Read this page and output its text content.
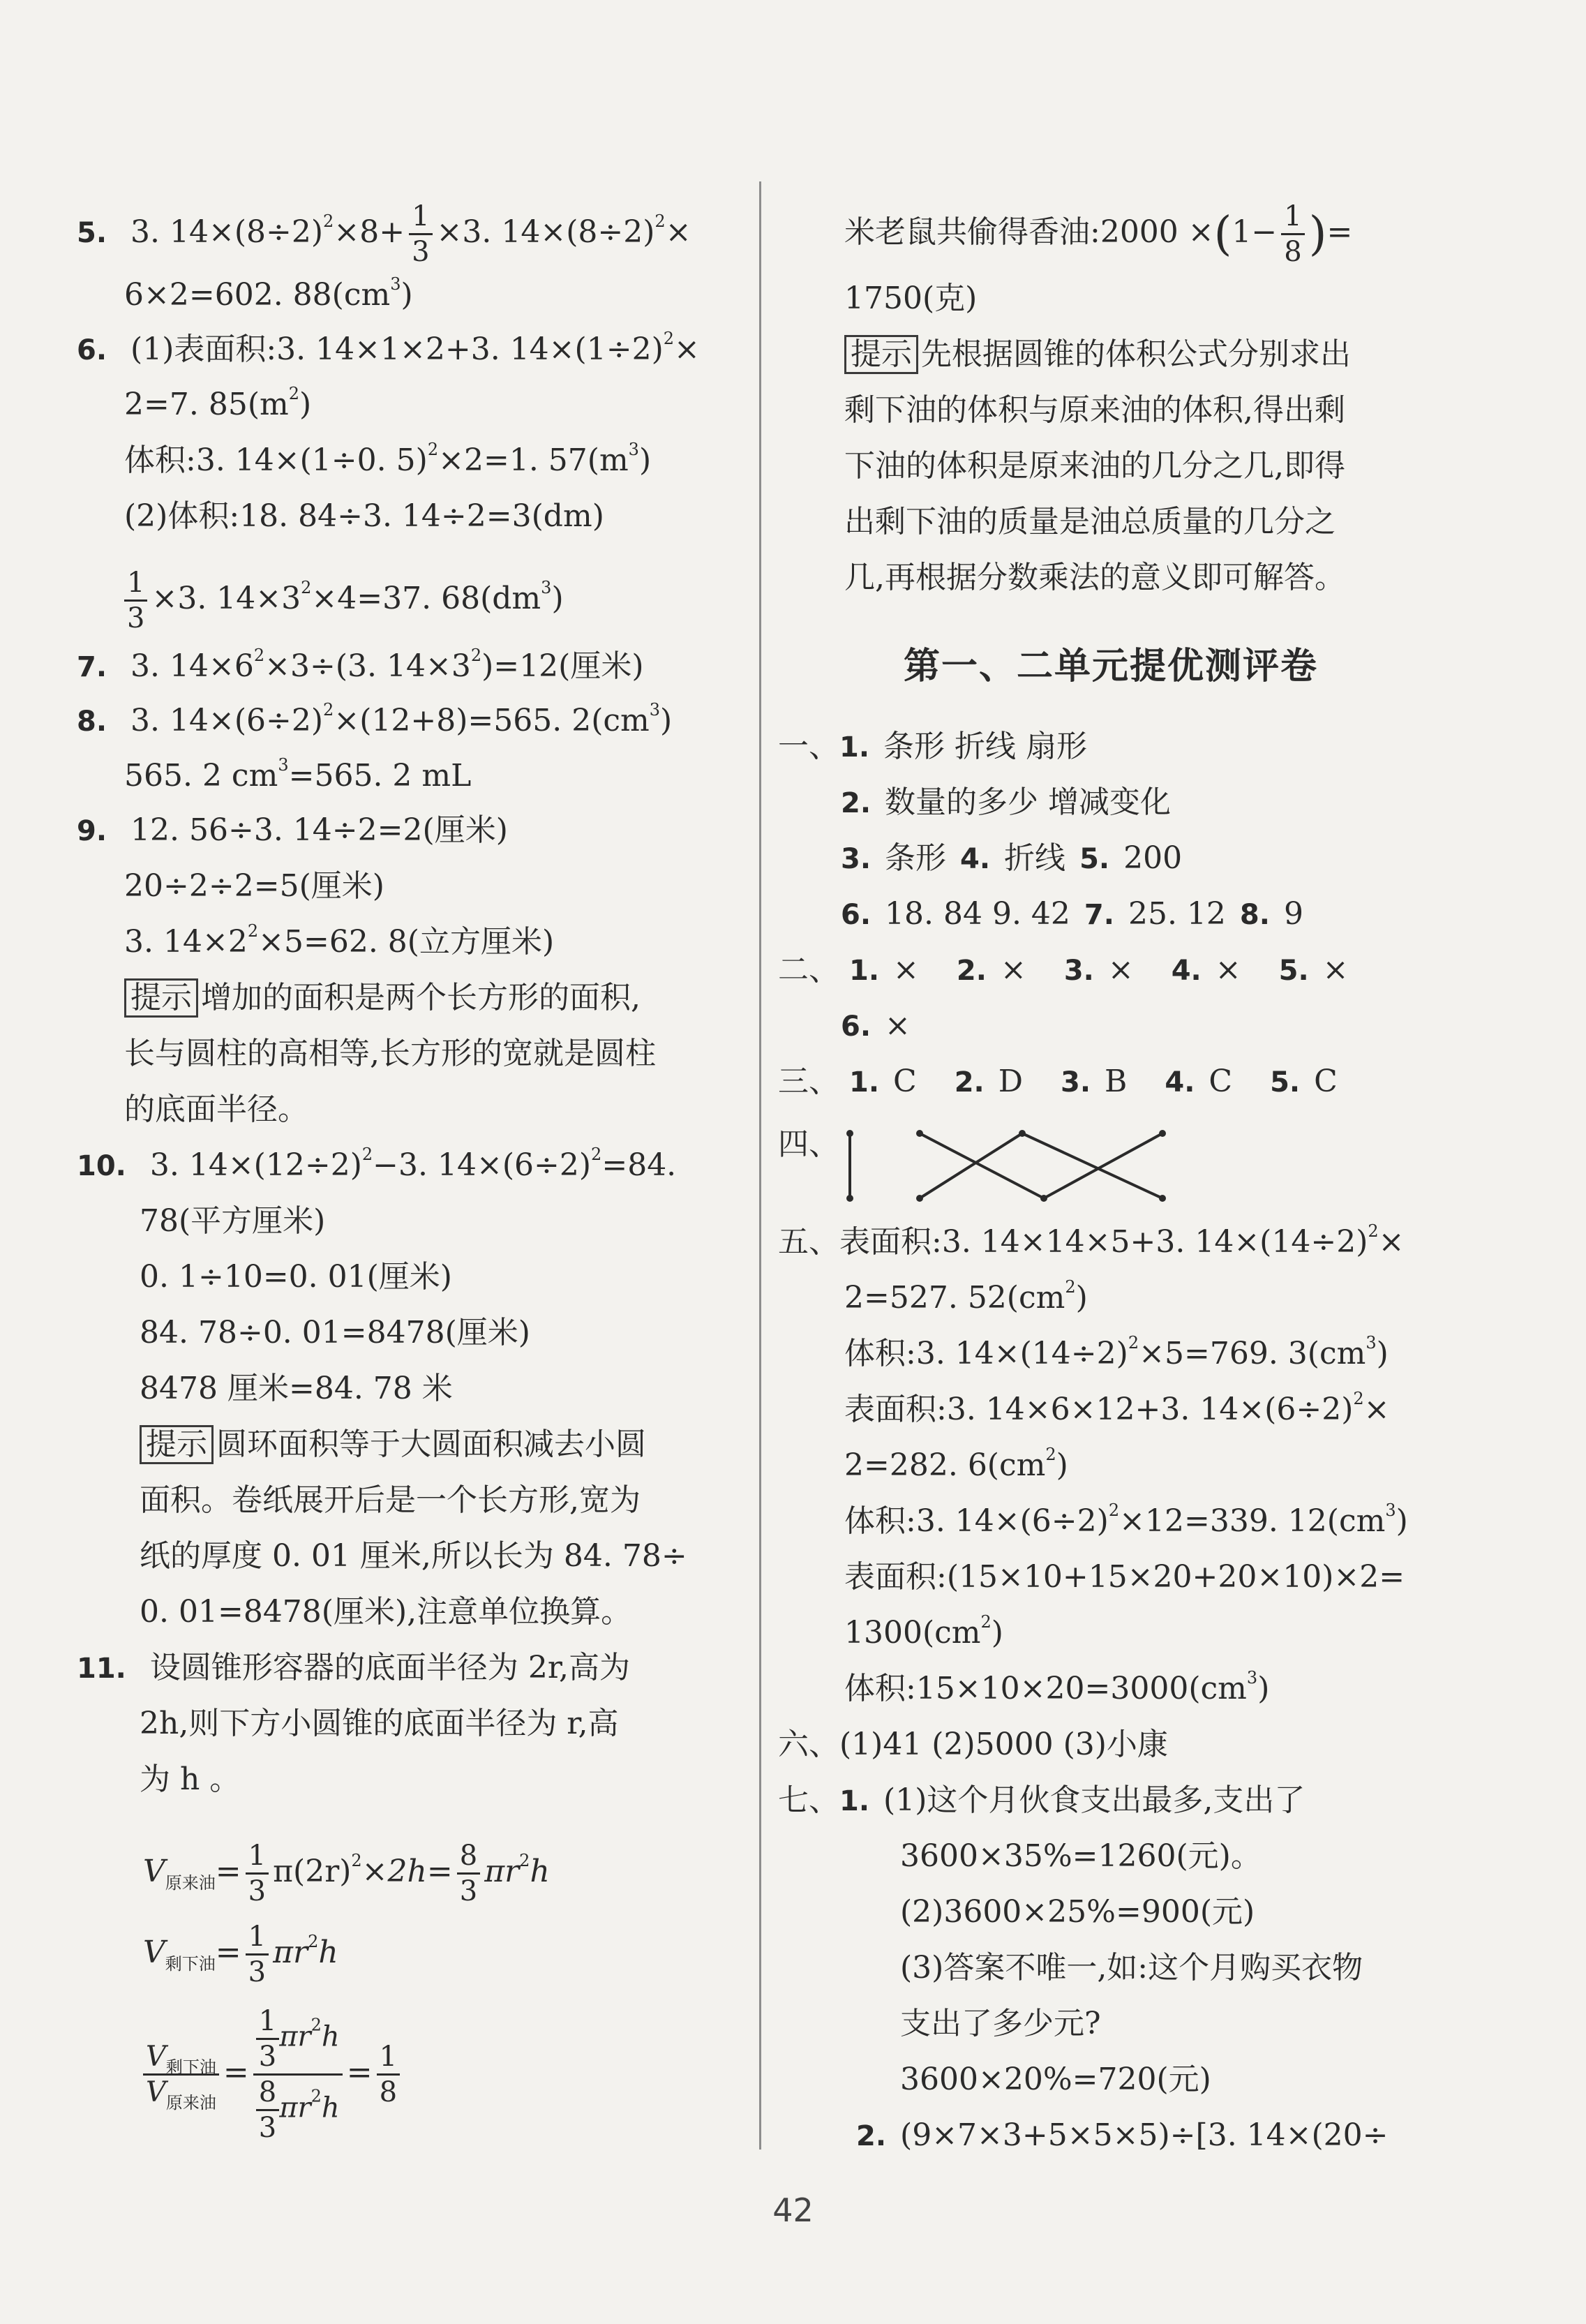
5. 3. $14\times(8\div 2)^2\times 8+ \frac{1}{3} \times 3$. $14\times(8\div 2)^2\times$
6×2=602. $88(cm^3)$
6. (1)表面积:3. 14×1×2+3. $14\times(1\div 2)^2\times$
2=7. $85(m^2)$
体积:3. 14×(1÷0. 5)$^2$×2=1. $57(m^3)$
(2)体积:18. 84÷3. 14÷2=3(dm)
$\frac{1}{3} \times 3$. $14\times 3^2\times 4=37$. $68(dm^3)$
7. 3. $14\times 6^2\times 3\div(3$. $14\times 3^2)=12$(厘米)
8. 3. $14\times(6\div 2)^2\times(12+8)=565$. $2(cm^3)$
565. 2 $cm^3=565$. 2 mL
9. 12. 56÷3. 14÷2=2(厘米)
20÷2÷2=5(厘米)
3. $14\times 2^2\times 5=62$. 8(立方厘米)
提示 增加的面积是两个长方形的面积,
长与圆柱的高相等,长方形的宽就是圆柱
的底面半径。
10. 3. $14\times(12\div 2)^2-3$. $14\times(6\div 2)^2=84$.
78(平方厘米)
0. 1÷10=0. 01(厘米)
84. 78÷0. 01=8478(厘米)
8478 厘米=84. 78 米
提示 圆环面积等于大圆面积减去小圆
面积。卷纸展开后是一个长方形,宽为
纸的厚度 0. 01 厘米,所以长为 84. 78÷
0. 01=8478(厘米),注意单位换算。
11. 设圆锥形容器的底面半径为 2r,高为
2h,则下方小圆锥的底面半径为 r,高
为 h 。
$V_{原来油}= \frac{1}{3} \pi(2r)^2\times 2h= \frac{8}{3} \pi r^2h$
$V_{剩下油}= \frac{1}{3} \pi r^2h$
$\frac{V_{剩下油}}{V_{原来油}} = \frac{\frac{1}{3} \pi r^2h}{\frac{8}{3} \pi r^2h} = \frac{1}{8}$
米老鼠共偷得香油:2000 $\times(1- \frac{1}{8}$ )=
1750(克)
提示 先根据圆锥的体积公式分别求出
剩下油的体积与原来油的体积,得出剩
下油的体积是原来油的几分之几,即得
出剩下油的质量是油总质量的几分之
几,再根据分数乘法的意义即可解答。
第一、二单元提优测评卷
一、1. 条形 折线 扇形
2. 数量的多少 增减变化
3. 条形 4. 折线 5. 200
6. 18. 84 9. 42 7. 25. 12 8. 9
二、 1. × 2. × 3. × 4. × 5. ×
6. ×
三、 1. C 2. D 3. B 4. C 5. C
四、
五、表面积:3. 14×14×5+3. $14\times(14\div 2)^2\times$
2=527. $52(cm^2)$
体积:3. $14\times(14\div 2)^2\times 5=769$. $3(cm^3)$
表面积:3. 14×6×12+3. $14\times(6\div 2)^2\times$
2=282. $6(cm^2)$
体积:3. $14\times(6\div 2)^2\times 12=339$. $12(cm^3)$
表面积:(15×10+15×20+20×10)×2=
$1300(cm^2)$
体积$:15\times 10\times 20=3000(cm^3)$
六、(1)41 (2)5000 (3)小康
七、1. (1)这个月伙食支出最多,支出了
3600×35%=1260(元)。
(2)3600×25%=900(元)
(3)答案不唯一,如:这个月购买衣物
支出了多少元?
3600×20%=720(元)
2. (9×7×3+5×5×5)÷[3. 14×(20÷
42
